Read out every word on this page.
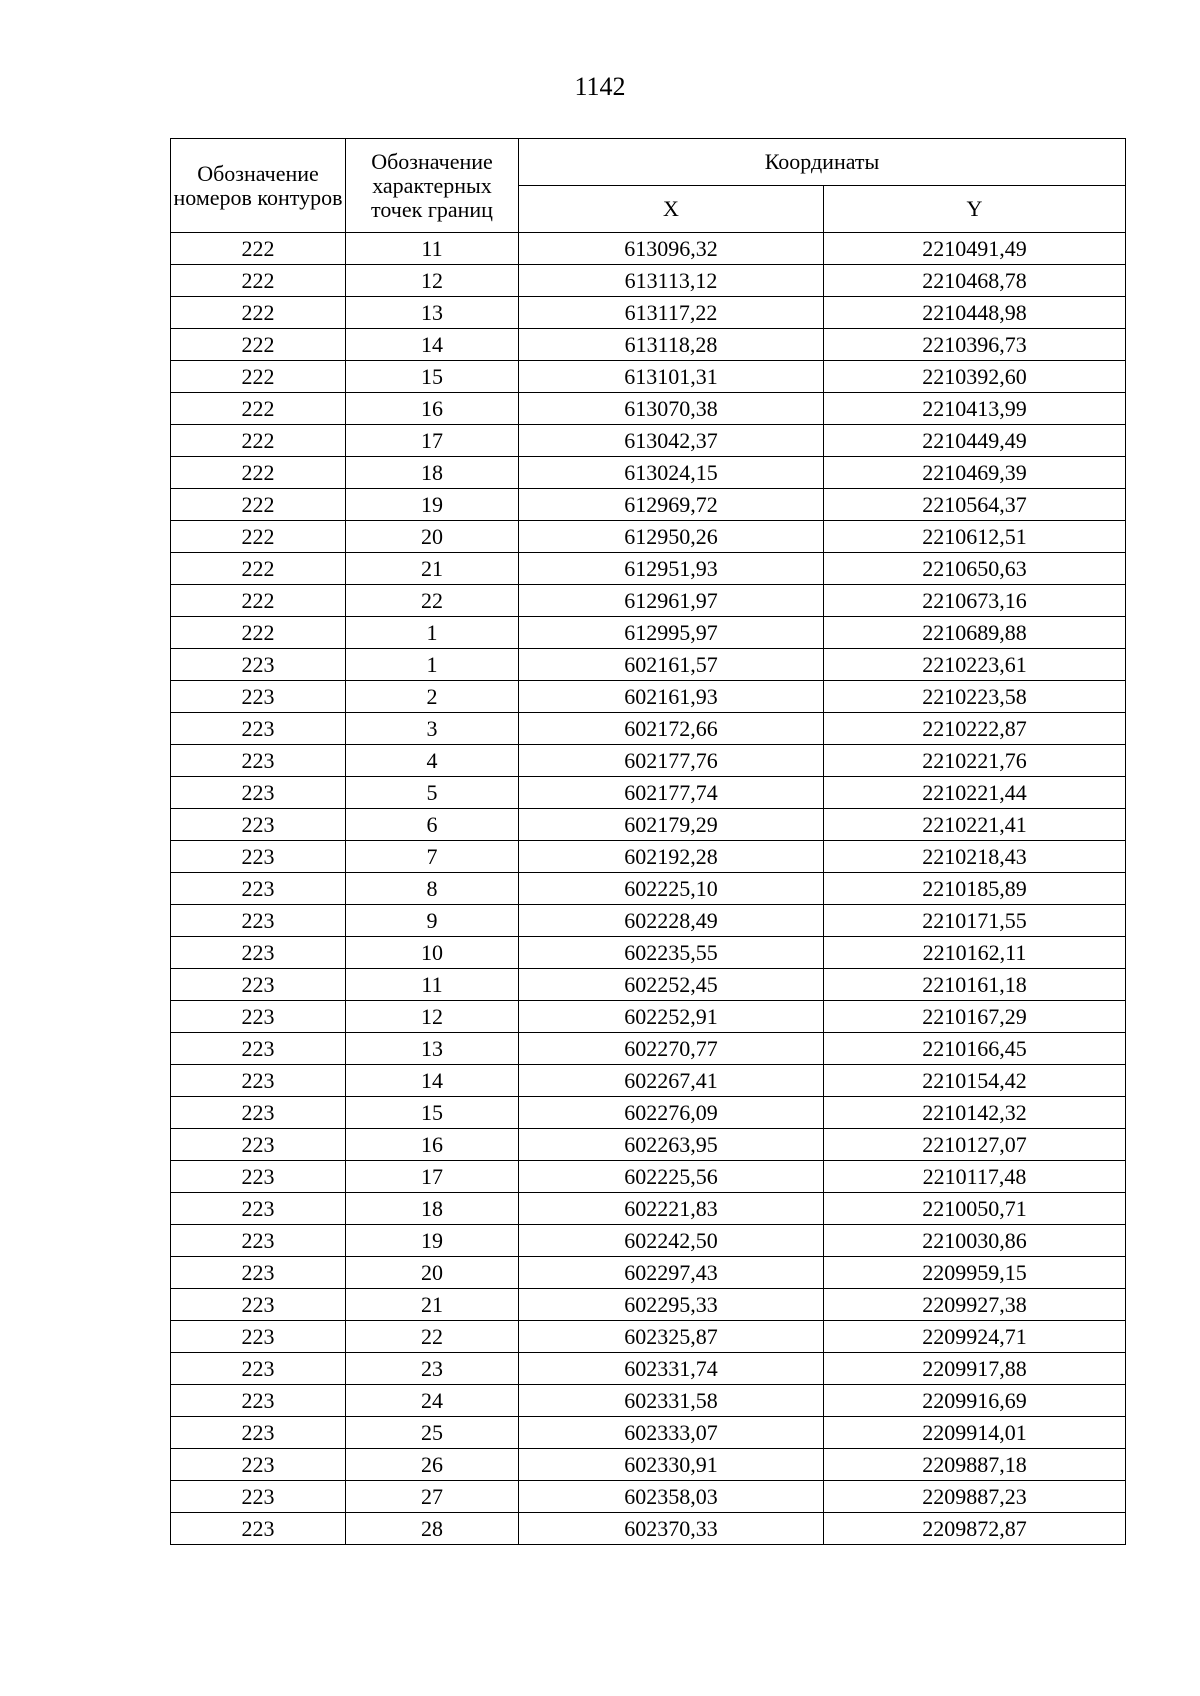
1142
Обозначение номеров контуров	Обозначение характерных точек границ	Координаты	
		X	Y
222	11	613096,32	2210491,49
222	12	613113,12	2210468,78
222	13	613117,22	2210448,98
222	14	613118,28	2210396,73
222	15	613101,31	2210392,60
222	16	613070,38	2210413,99
222	17	613042,37	2210449,49
222	18	613024,15	2210469,39
222	19	612969,72	2210564,37
222	20	612950,26	2210612,51
222	21	612951,93	2210650,63
222	22	612961,97	2210673,16
222	1	612995,97	2210689,88
223	1	602161,57	2210223,61
223	2	602161,93	2210223,58
223	3	602172,66	2210222,87
223	4	602177,76	2210221,76
223	5	602177,74	2210221,44
223	6	602179,29	2210221,41
223	7	602192,28	2210218,43
223	8	602225,10	2210185,89
223	9	602228,49	2210171,55
223	10	602235,55	2210162,11
223	11	602252,45	2210161,18
223	12	602252,91	2210167,29
223	13	602270,77	2210166,45
223	14	602267,41	2210154,42
223	15	602276,09	2210142,32
223	16	602263,95	2210127,07
223	17	602225,56	2210117,48
223	18	602221,83	2210050,71
223	19	602242,50	2210030,86
223	20	602297,43	2209959,15
223	21	602295,33	2209927,38
223	22	602325,87	2209924,71
223	23	602331,74	2209917,88
223	24	602331,58	2209916,69
223	25	602333,07	2209914,01
223	26	602330,91	2209887,18
223	27	602358,03	2209887,23
223	28	602370,33	2209872,87
